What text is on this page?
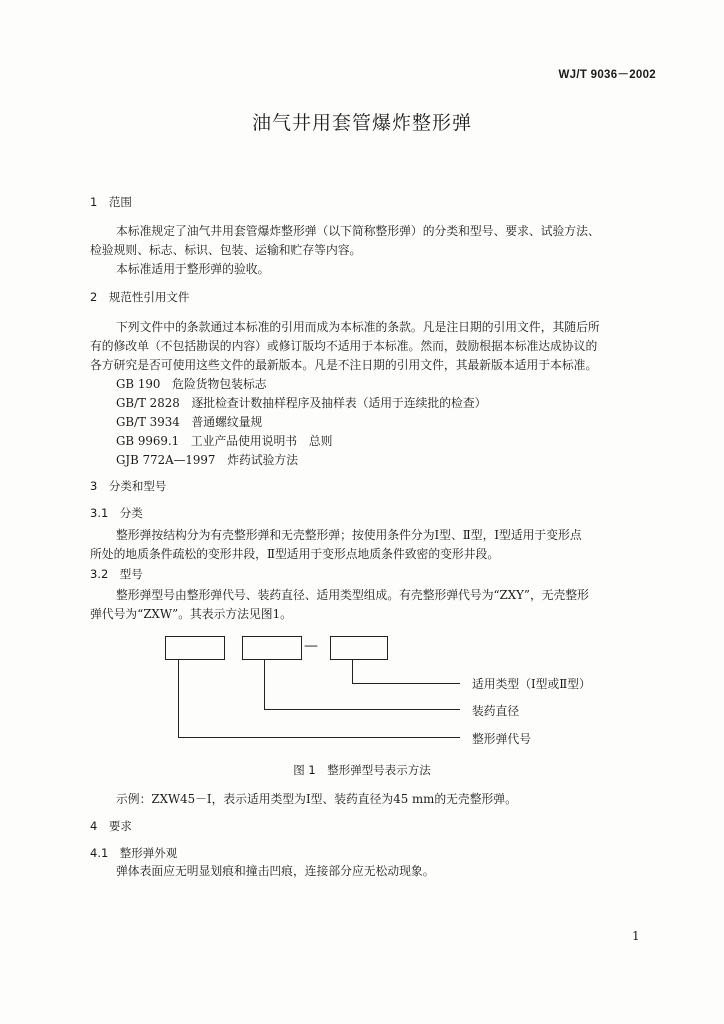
WJ/T 9036－2002
油气井用套管爆炸整形弹
1　范围
本标准规定了油气井用套管爆炸整形弹（以下简称整形弹）的分类和型号、要求、试验方法、
检验规则、标志、标识、包装、运输和贮存等内容。
本标准适用于整形弹的验收。
2　规范性引用文件
下列文件中的条款通过本标准的引用而成为本标准的条款。凡是注日期的引用文件，其随后所
有的修改单（不包括勘误的内容）或修订版均不适用于本标准。然而，鼓励根据本标准达成协议的
各方研究是否可使用这些文件的最新版本。凡是不注日期的引用文件，其最新版本适用于本标准。
GB 190　危险货物包装标志
GB/T 2828　逐批检查计数抽样程序及抽样表（适用于连续批的检查）
GB/T 3934　普通螺纹量规
GB 9969.1　工业产品使用说明书　总则
GJB 772A—1997　炸药试验方法
3　分类和型号
3.1　分类
整形弹按结构分为有壳整形弹和无壳整形弹；按使用条件分为Ⅰ型、Ⅱ型，Ⅰ型适用于变形点
所处的地质条件疏松的变形井段，Ⅱ型适用于变形点地质条件致密的变形井段。
3.2　型号
整形弹型号由整形弹代号、装药直径、适用类型组成。有壳整形弹代号为“ZXY”，无壳整形
弹代号为“ZXW”。其表示方法见图1。
—
适用类型（Ⅰ型或Ⅱ型）
装药直径
整形弹代号
图 1　整形弹型号表示方法
示例：ZXW45－Ⅰ，表示适用类型为Ⅰ型、装药直径为45 mm的无壳整形弹。
4　要求
4.1　整形弹外观
弹体表面应无明显划痕和撞击凹痕，连接部分应无松动现象。
1
